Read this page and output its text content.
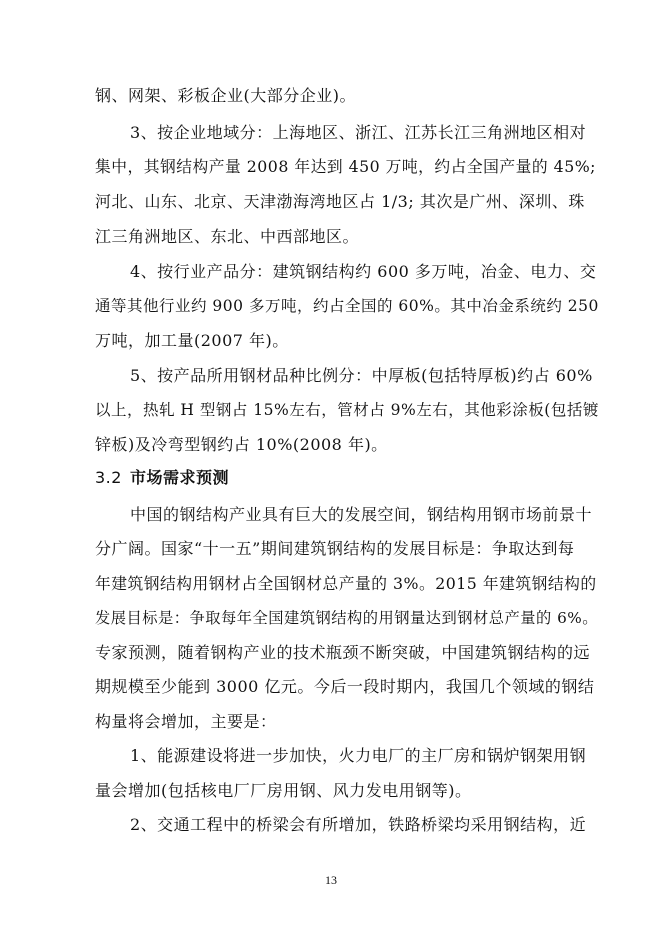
钢、网架、彩板企业(大部分企业)。
3、按企业地域分：上海地区、浙江、江苏长江三角洲地区相对
集中，其钢结构产量 2008 年达到 450 万吨，约占全国产量的 45%;
河北、山东、北京、天津渤海湾地区占 1/3; 其次是广州、深圳、珠
江三角洲地区、东北、中西部地区。
4、按行业产品分：建筑钢结构约 600 多万吨，冶金、电力、交
通等其他行业约 900 多万吨，约占全国的 60%。其中冶金系统约 250
万吨，加工量(2007 年)。
5、按产品所用钢材品种比例分：中厚板(包括特厚板)约占 60%
以上，热轧 H 型钢占 15%左右，管材占 9%左右，其他彩涂板(包括镀
锌板)及冷弯型钢约占 10%(2008 年)。
3.2 市场需求预测
中国的钢结构产业具有巨大的发展空间，钢结构用钢市场前景十
分广阔。国家“十一五”期间建筑钢结构的发展目标是：争取达到每
年建筑钢结构用钢材占全国钢材总产量的 3%。2015 年建筑钢结构的
发展目标是：争取每年全国建筑钢结构的用钢量达到钢材总产量的 6%。
专家预测，随着钢构产业的技术瓶颈不断突破，中国建筑钢结构的远
期规模至少能到 3000 亿元。今后一段时期内，我国几个领域的钢结
构量将会增加，主要是：
1、能源建设将进一步加快，火力电厂的主厂房和锅炉钢架用钢
量会增加(包括核电厂厂房用钢、风力发电用钢等)。
2、交通工程中的桥梁会有所增加，铁路桥梁均采用钢结构，近
13
